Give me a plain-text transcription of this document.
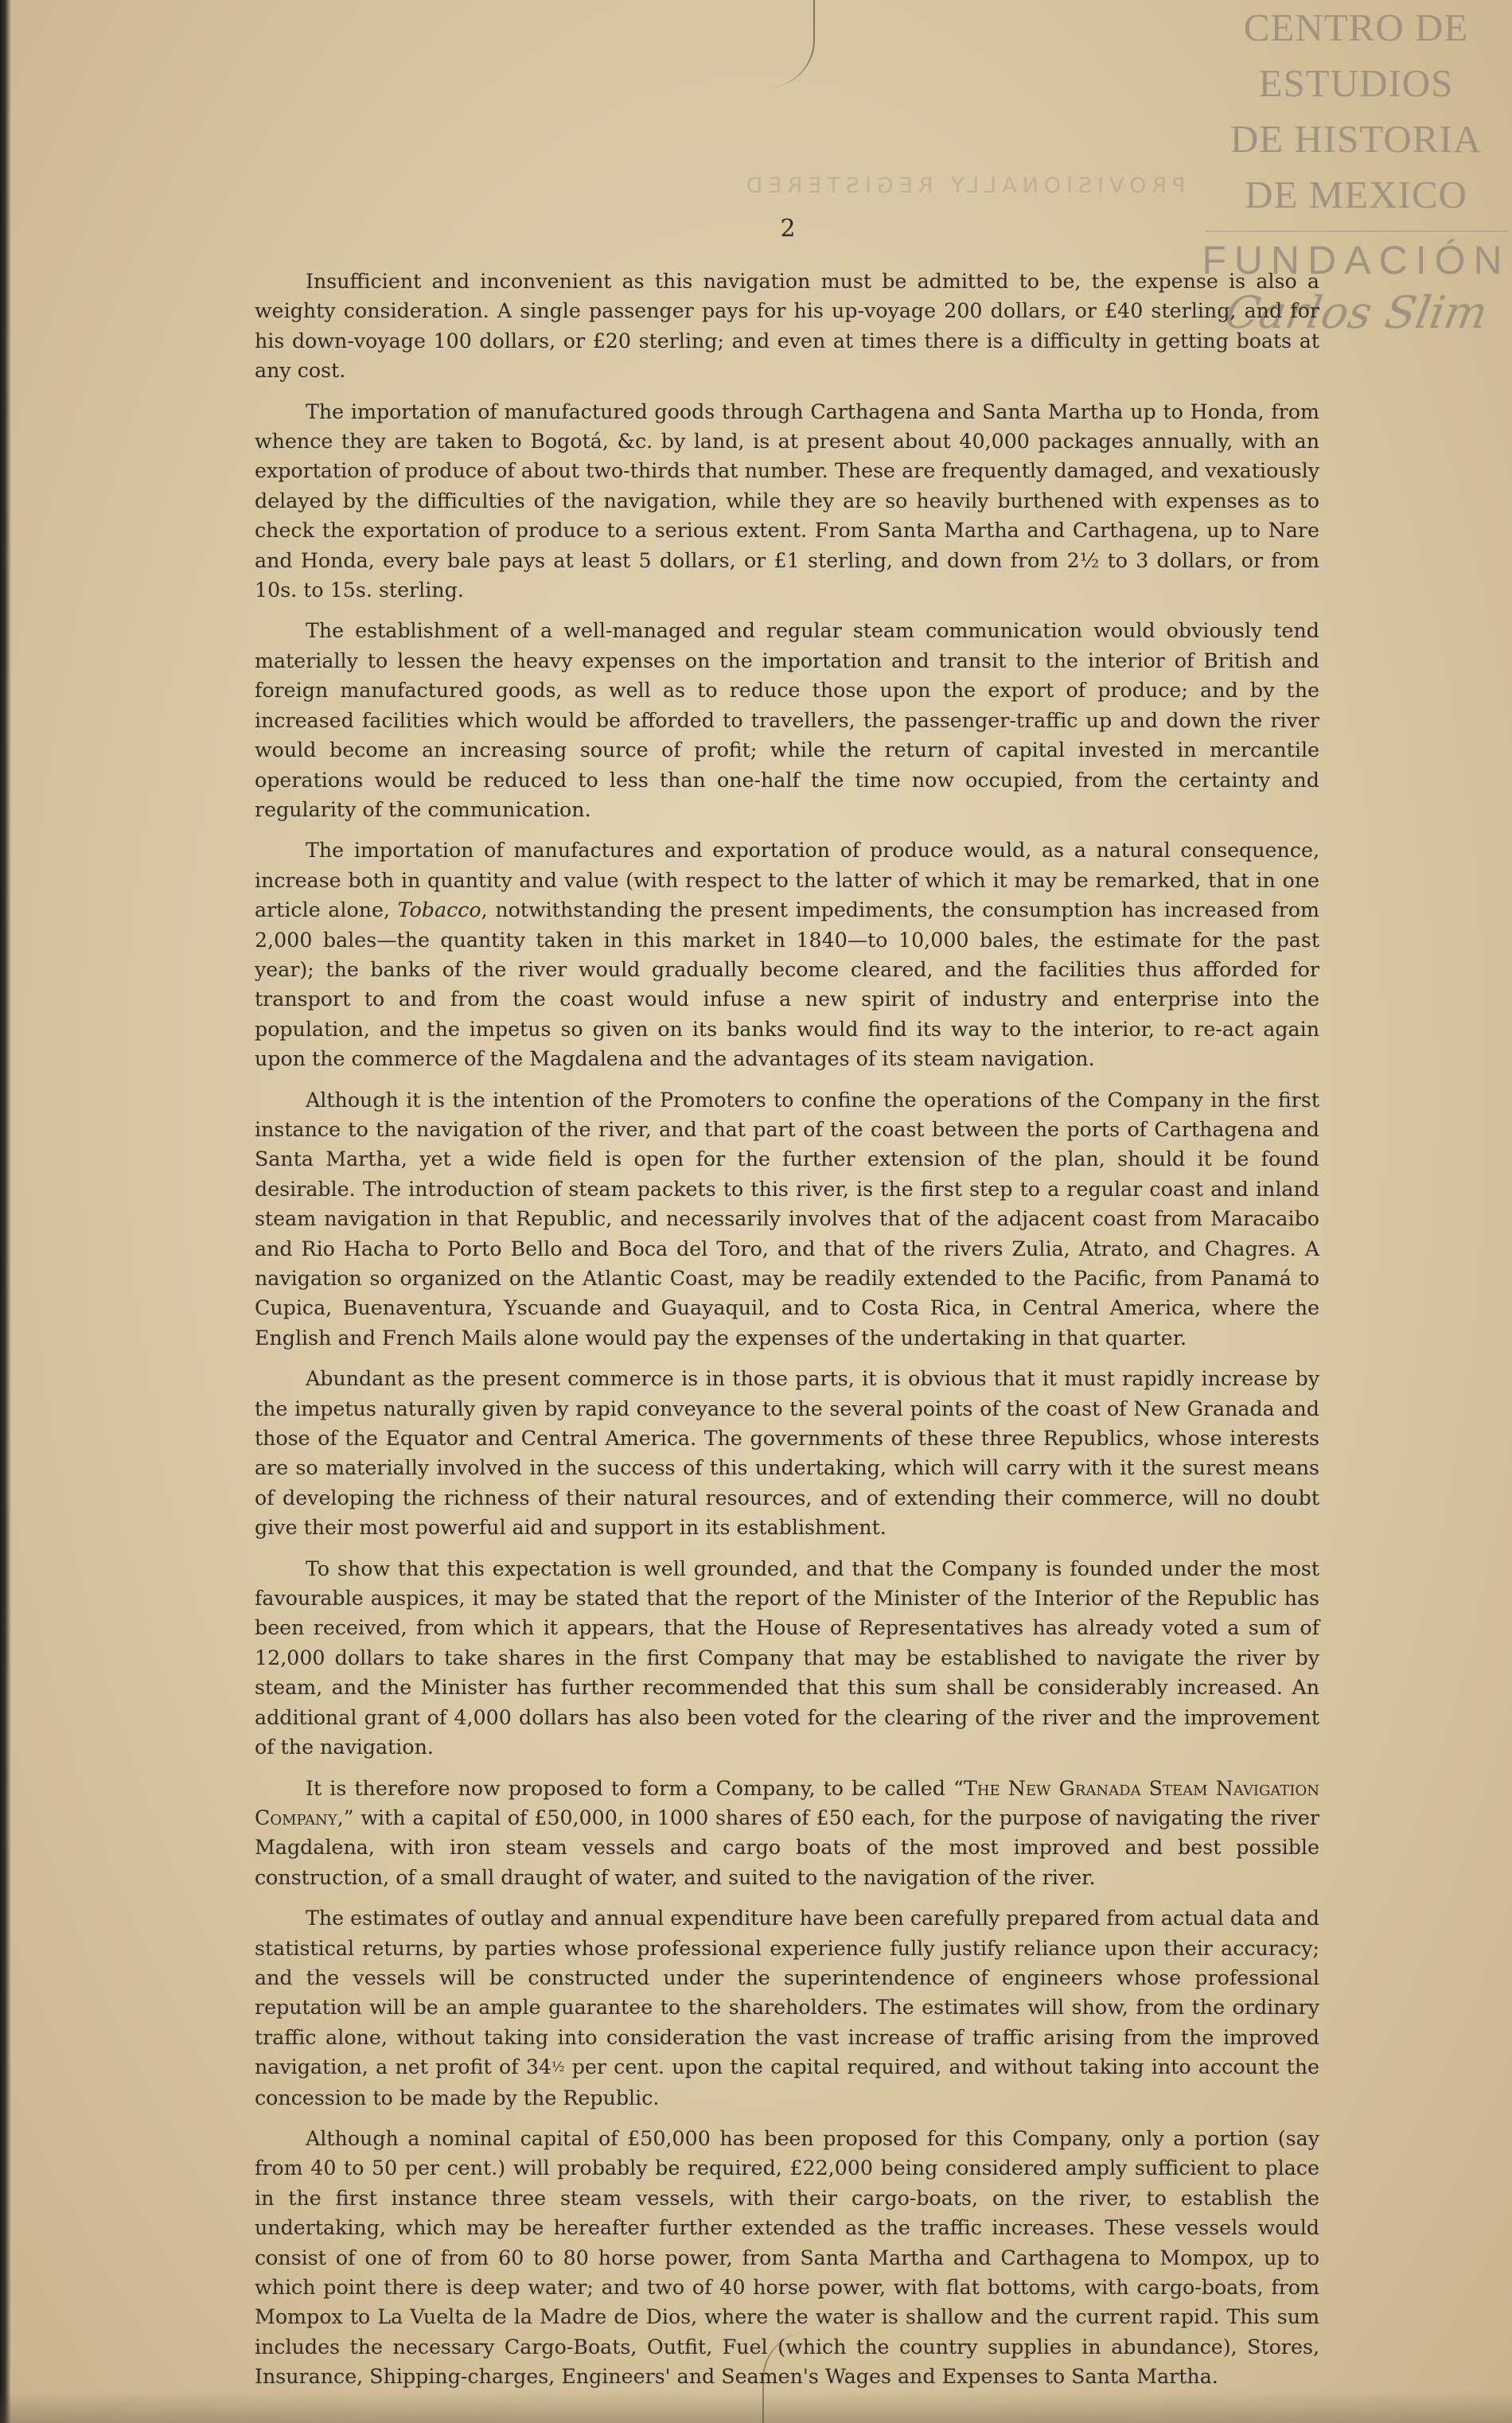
PROVISIONALLY REGISTERED
CENTRO DE
ESTUDIOS
DE HISTORIA
DE MEXICO
FUNDACIÓN
Carlos Slim
2

Insufficient and inconvenient as this navigation must be admitted to be, the expense is also a weighty consideration. A single passenger pays for his up-voyage 200 dollars, or £40 sterling, and for his down-voyage 100 dollars, or £20 sterling; and even at times there is a difficulty in getting boats at any cost.

The importation of manufactured goods through Carthagena and Santa Martha up to Honda, from whence they are taken to Bogotá, &c. by land, is at present about 40,000 packages annually, with an exportation of produce of about two-thirds that number. These are frequently damaged, and vexatiously delayed by the difficulties of the navigation, while they are so heavily burthened with expenses as to check the exportation of produce to a serious extent. From Santa Martha and Carthagena, up to Nare and Honda, every bale pays at least 5 dollars, or £1 sterling, and down from 2½ to 3 dollars, or from 10s. to 15s. sterling.

The establishment of a well-managed and regular steam communication would obviously tend materially to lessen the heavy expenses on the importation and transit to the interior of British and foreign manufactured goods, as well as to reduce those upon the export of produce; and by the increased facilities which would be afforded to travellers, the passenger-traffic up and down the river would become an increasing source of profit; while the return of capital invested in mercantile operations would be reduced to less than one-half the time now occupied, from the certainty and regularity of the communication.

The importation of manufactures and exportation of produce would, as a natural consequence, increase both in quantity and value (with respect to the latter of which it may be remarked, that in one article alone, Tobacco, notwithstanding the present impediments, the consumption has increased from 2,000 bales—the quantity taken in this market in 1840—to 10,000 bales, the estimate for the past year); the banks of the river would gradually become cleared, and the facilities thus afforded for transport to and from the coast would infuse a new spirit of industry and enterprise into the population, and the impetus so given on its banks would find its way to the interior, to re-act again upon the commerce of the Magdalena and the advantages of its steam navigation.

Although it is the intention of the Promoters to confine the operations of the Company in the first instance to the navigation of the river, and that part of the coast between the ports of Carthagena and Santa Martha, yet a wide field is open for the further extension of the plan, should it be found desirable. The introduction of steam packets to this river, is the first step to a regular coast and inland steam navigation in that Republic, and necessarily involves that of the adjacent coast from Maracaibo and Rio Hacha to Porto Bello and Boca del Toro, and that of the rivers Zulia, Atrato, and Chagres. A navigation so organized on the Atlantic Coast, may be readily extended to the Pacific, from Panamá to Cupica, Buenaventura, Yscuande and Guayaquil, and to Costa Rica, in Central America, where the English and French Mails alone would pay the expenses of the undertaking in that quarter.

Abundant as the present commerce is in those parts, it is obvious that it must rapidly increase by the impetus naturally given by rapid conveyance to the several points of the coast of New Granada and those of the Equator and Central America. The governments of these three Republics, whose interests are so materially involved in the success of this undertaking, which will carry with it the surest means of developing the richness of their natural resources, and of extending their commerce, will no doubt give their most powerful aid and support in its establishment.

To show that this expectation is well grounded, and that the Company is founded under the most favourable auspices, it may be stated that the report of the Minister of the Interior of the Republic has been received, from which it appears, that the House of Representatives has already voted a sum of 12,000 dollars to take shares in the first Company that may be established to navigate the river by steam, and the Minister has further recommended that this sum shall be considerably increased. An additional grant of 4,000 dollars has also been voted for the clearing of the river and the improvement of the navigation.

It is therefore now proposed to form a Company, to be called “The New Granada Steam Navigation Company,” with a capital of £50,000, in 1000 shares of £50 each, for the purpose of navigating the river Magdalena, with iron steam vessels and cargo boats of the most improved and best possible construction, of a small draught of water, and suited to the navigation of the river.

The estimates of outlay and annual expenditure have been carefully prepared from actual data and statistical returns, by parties whose professional experience fully justify reliance upon their accuracy; and the vessels will be constructed under the superintendence of engineers whose professional reputation will be an ample guarantee to the shareholders. The estimates will show, from the ordinary traffic alone, without taking into consideration the vast increase of traffic arising from the improved navigation, a net profit of 34½ per cent. upon the capital required, and without taking into account the concession to be made by the Republic.

Although a nominal capital of £50,000 has been proposed for this Company, only a portion (say from 40 to 50 per cent.) will probably be required, £22,000 being considered amply sufficient to place in the first instance three steam vessels, with their cargo-boats, on the river, to establish the undertaking, which may be hereafter further extended as the traffic increases. These vessels would consist of one of from 60 to 80 horse power, from Santa Martha and Carthagena to Mompox, up to which point there is deep water; and two of 40 horse power, with flat bottoms, with cargo-boats, from Mompox to La Vuelta de la Madre de Dios, where the water is shallow and the current rapid. This sum includes the necessary Cargo-Boats, Outfit, Fuel (which the country supplies in abundance), Stores, Insurance, Shipping-charges, Engineers' and Seamen's Wages and Expenses to Santa Martha.
